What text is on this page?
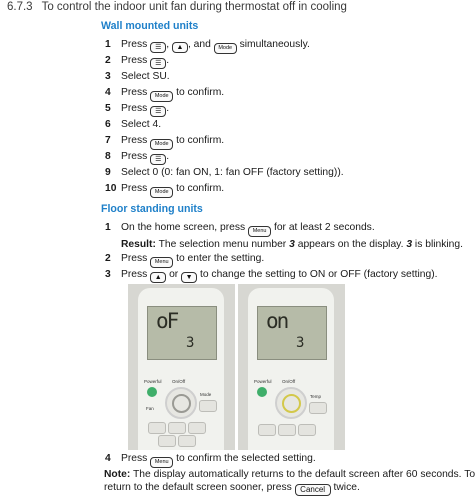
6.7.3 To control the indoor unit fan during thermostat off in cooling
Wall mounted units
1 Press ☰ , ▲ , and Mode simultaneously.
2 Press ☰ .
3 Select SU.
4 Press Mode to confirm.
5 Press ☰ .
6 Select 4.
7 Press Mode to confirm.
8 Press ☰ .
9 Select 0 (0: fan ON, 1: fan OFF (factory setting)).
10 Press Mode to confirm.
Floor standing units
1 On the home screen, press Menu for at least 2 seconds.
Result: The selection menu number 3 appears on the display. 3 is blinking.
2 Press Menu to enter the setting.
3 Press ▲ or ▼ to change the setting to ON or OFF (factory setting).
oF
3
Powerful On/Off
Mode
Fan
on
3
Powerful On/Off
Temp
4 Press Menu to confirm the selected setting.
Note: The display automatically returns to the default screen after 60 seconds. To
return to the default screen sooner, press Cancel twice.
